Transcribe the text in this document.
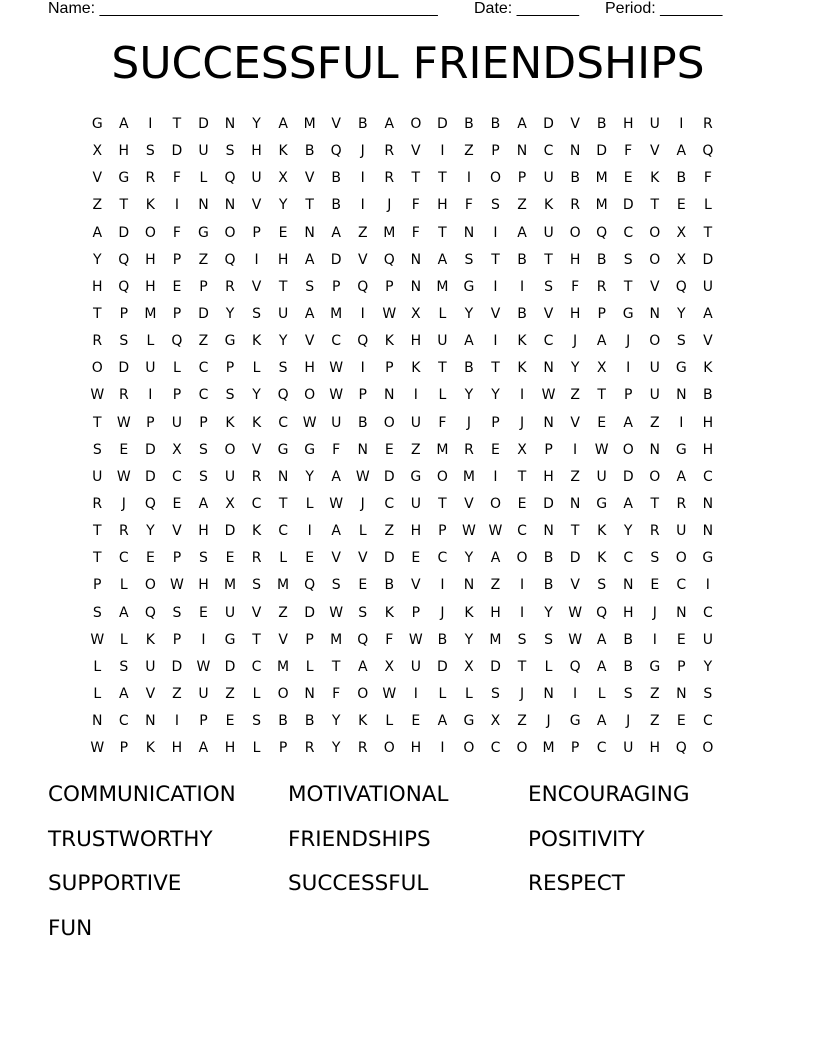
Name: ______________________________________ Date: _______ Period: _______
SUCCESSFUL FRIENDSHIPS
G	A	I	T	D	N	Y	A	M	V	B	A	O	D	B	B	A	D	V	B	H	U	I	R
X	H	S	D	U	S	H	K	B	Q	J	R	V	I	Z	P	N	C	N	D	F	V	A	Q
V	G	R	F	L	Q	U	X	V	B	I	R	T	T	I	O	P	U	B	M	E	K	B	F
Z	T	K	I	N	N	V	Y	T	B	I	J	F	H	F	S	Z	K	R	M	D	T	E	L
A	D	O	F	G	O	P	E	N	A	Z	M	F	T	N	I	A	U	O	Q	C	O	X	T
Y	Q	H	P	Z	Q	I	H	A	D	V	Q	N	A	S	T	B	T	H	B	S	O	X	D
H	Q	H	E	P	R	V	T	S	P	Q	P	N	M	G	I	I	S	F	R	T	V	Q	U
T	P	M	P	D	Y	S	U	A	M	I	W	X	L	Y	V	B	V	H	P	G	N	Y	A
R	S	L	Q	Z	G	K	Y	V	C	Q	K	H	U	A	I	K	C	J	A	J	O	S	V
O	D	U	L	C	P	L	S	H	W	I	P	K	T	B	T	K	N	Y	X	I	U	G	K
W	R	I	P	C	S	Y	Q	O	W	P	N	I	L	Y	Y	I	W	Z	T	P	U	N	B
T	W	P	U	P	K	K	C	W	U	B	O	U	F	J	P	J	N	V	E	A	Z	I	H
S	E	D	X	S	O	V	G	G	F	N	E	Z	M	R	E	X	P	I	W	O	N	G	H
U	W	D	C	S	U	R	N	Y	A	W	D	G	O	M	I	T	H	Z	U	D	O	A	C
R	J	Q	E	A	X	C	T	L	W	J	C	U	T	V	O	E	D	N	G	A	T	R	N
T	R	Y	V	H	D	K	C	I	A	L	Z	H	P	W W	C	N	T	K	Y	R	U	N
T	C	E	P	S	E	R	L	E	V	V	D	E	C	Y	A	O	B	D	K	C	S	O	G
P	L	O	W	H	M	S	M	Q	S	E	B	V	I	N	Z	I	B	V	S	N	E	C	I
S	A	Q	S	E	U	V	Z	D	W	S	K	P	J	K	H	I	Y	W	Q	H	J	N	C
W	L	K	P	I	G	T	V	P	M	Q	F	W	B	Y	M	S	S	W	A	B	I	E	U
L	S	U	D	W	D	C	M	L	T	A	X	U	D	X	D	T	L	Q	A	B	G	P	Y
L	A	V	Z	U	Z	L	O	N	F	O	W	I	L	L	S	J	N	I	L	S	Z	N	S
N	C	N	I	P	E	S	B	B	Y	K	L	E	A	G	X	Z	J	G	A	J	Z	E	C
W	P	K	H	A	H	L	P	R	Y	R	O	H	I	O	C	O	M	P	C	U	H	Q	O
COMMUNICATION	MOTIVATIONAL	ENCOURAGING
TRUSTWORTHY	FRIENDSHIPS	POSITIVITY
SUPPORTIVE	SUCCESSFUL	RESPECT
FUN
